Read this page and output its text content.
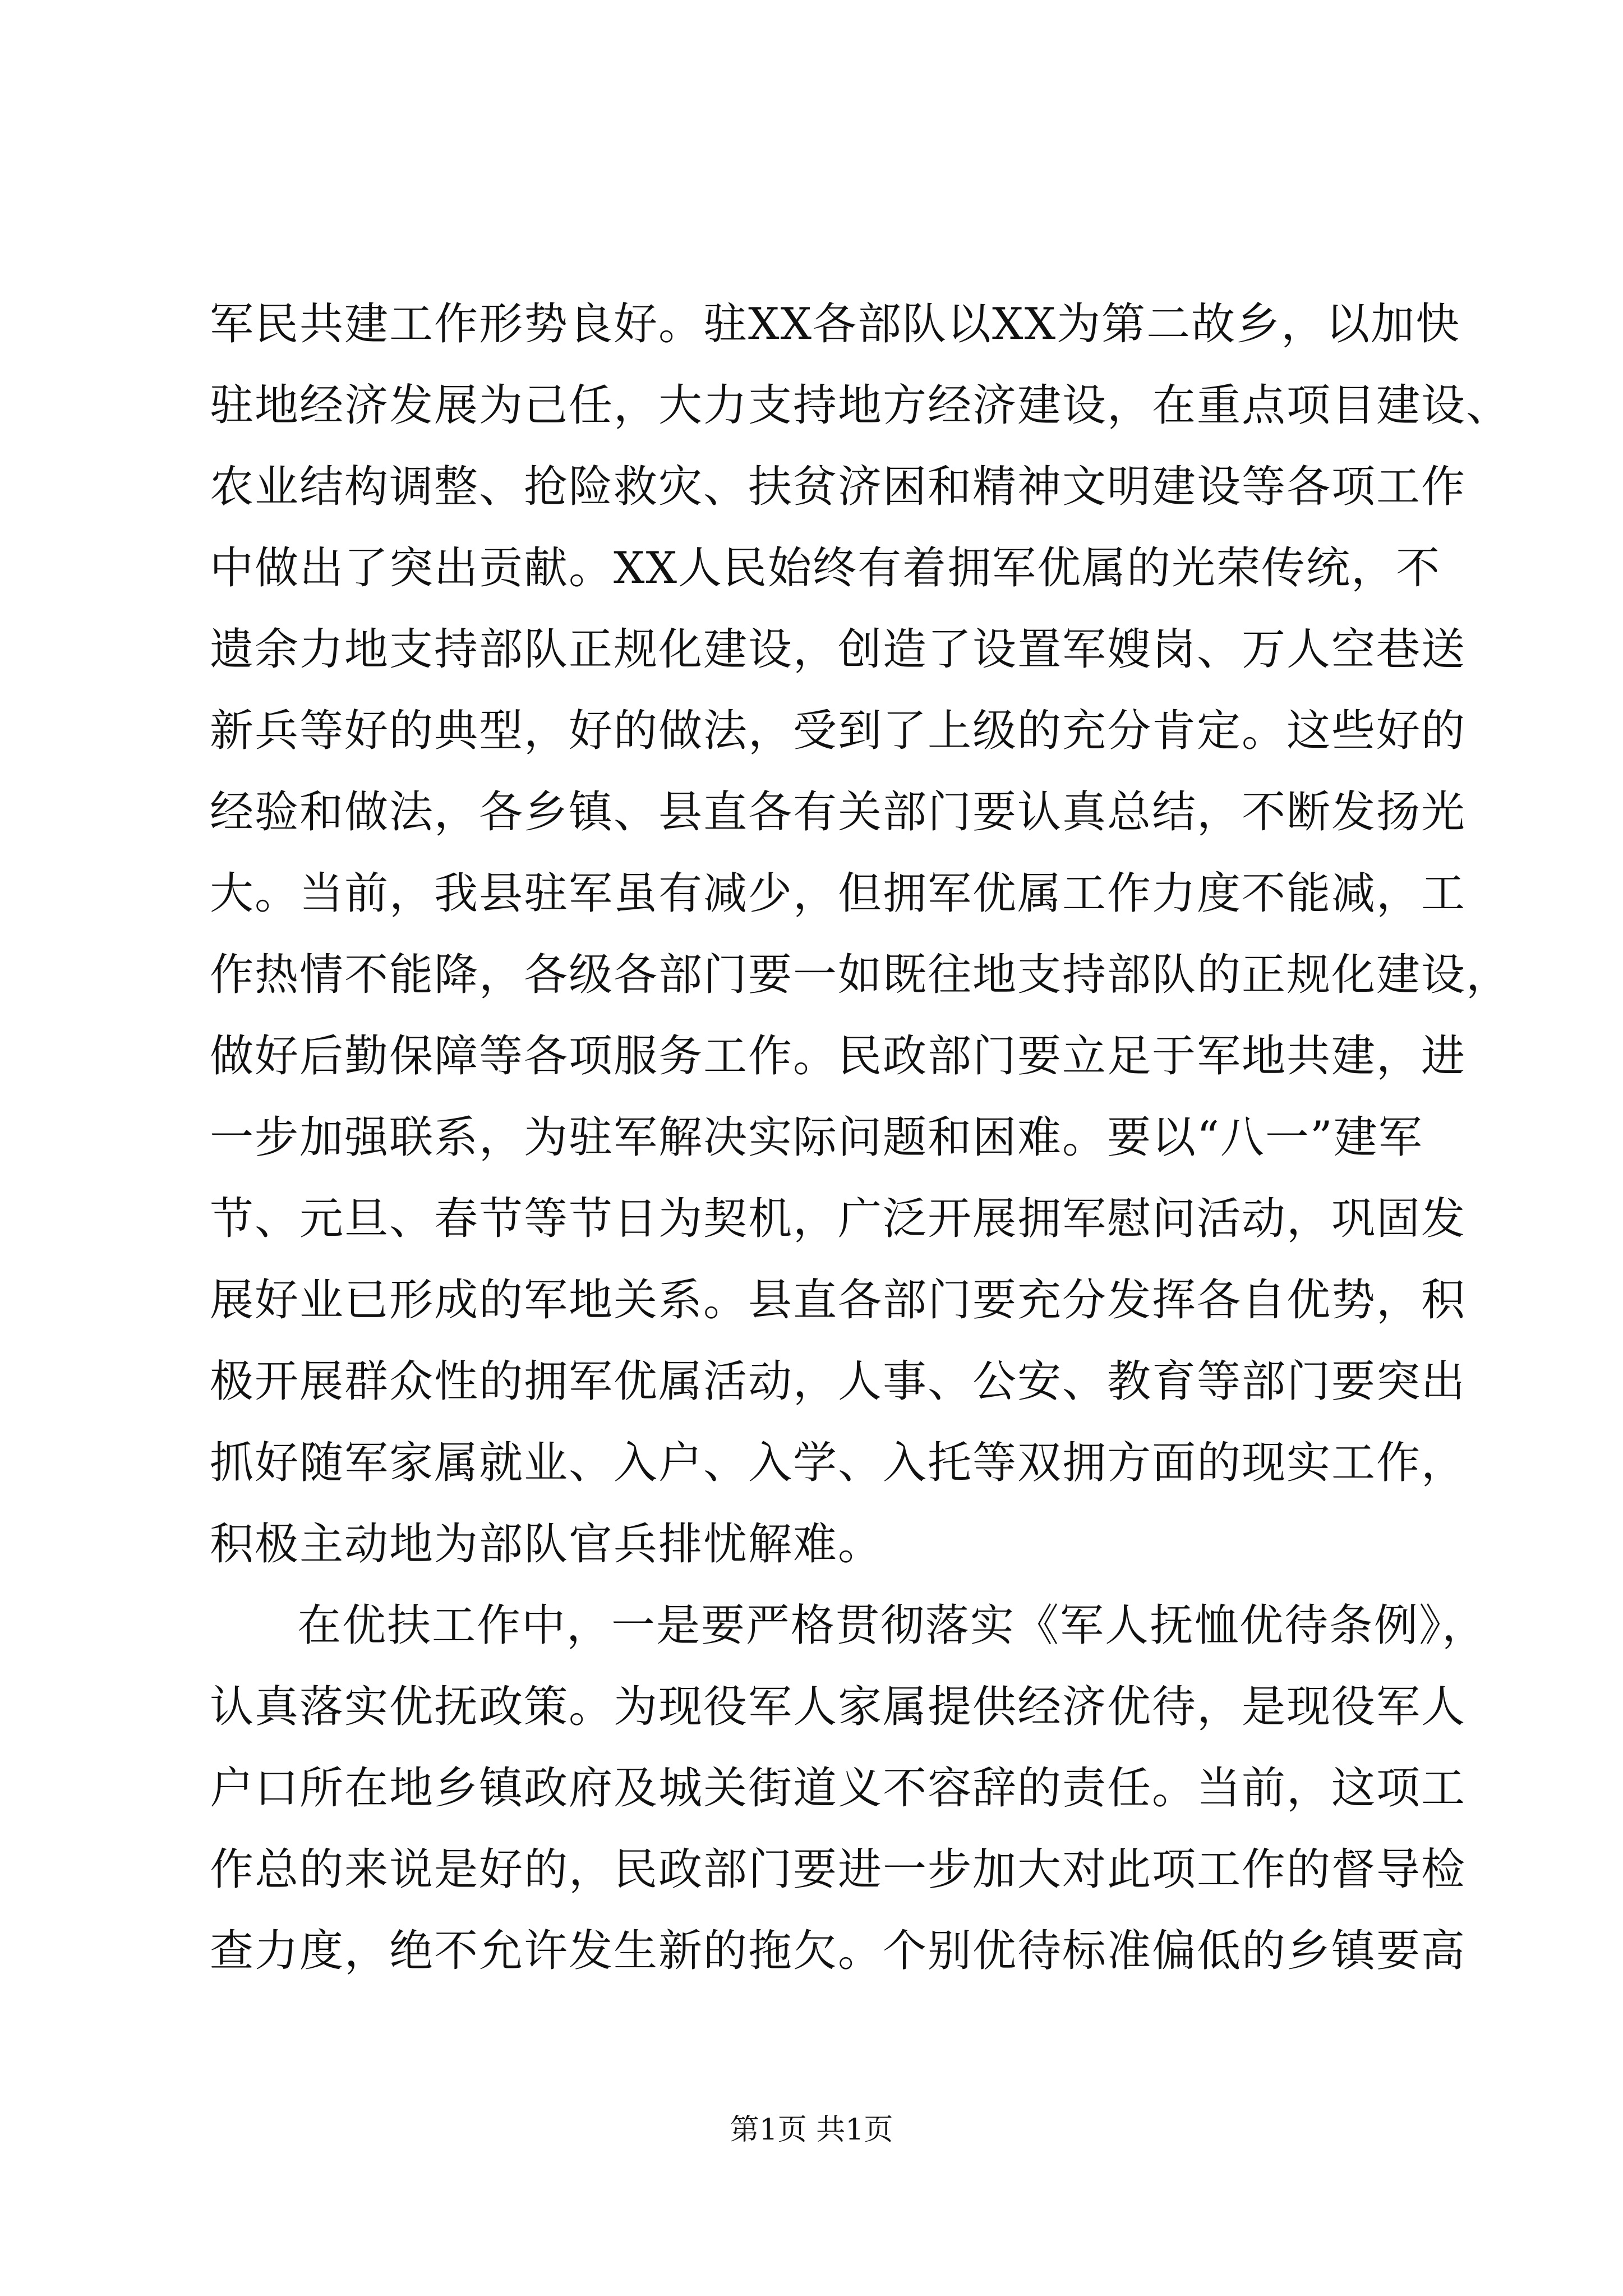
军民共建工作形势良好。驻XX各部队以XX为第二故乡，以加快
驻地经济发展为己任，大力支持地方经济建设，在重点项目建设、
农业结构调整、抢险救灾、扶贫济困和精神文明建设等各项工作
中做出了突出贡献。XX人民始终有着拥军优属的光荣传统，不
遗余力地支持部队正规化建设，创造了设置军嫂岗、万人空巷送
新兵等好的典型，好的做法，受到了上级的充分肯定。这些好的
经验和做法，各乡镇、县直各有关部门要认真总结，不断发扬光
大。当前，我县驻军虽有减少，但拥军优属工作力度不能减，工
作热情不能降，各级各部门要一如既往地支持部队的正规化建设，
做好后勤保障等各项服务工作。民政部门要立足于军地共建，进
一步加强联系，为驻军解决实际问题和困难。要以“八一”建军
节、元旦、春节等节日为契机，广泛开展拥军慰问活动，巩固发
展好业已形成的军地关系。县直各部门要充分发挥各自优势，积
极开展群众性的拥军优属活动，人事、公安、教育等部门要突出
抓好随军家属就业、入户、入学、入托等双拥方面的现实工作，
积极主动地为部队官兵排忧解难。
在优扶工作中，一是要严格贯彻落实《军人抚恤优待条例》，
认真落实优抚政策。为现役军人家属提供经济优待，是现役军人
户口所在地乡镇政府及城关街道义不容辞的责任。当前，这项工
作总的来说是好的，民政部门要进一步加大对此项工作的督导检
查力度，绝不允许发生新的拖欠。个别优待标准偏低的乡镇要高
第1页 共1页
